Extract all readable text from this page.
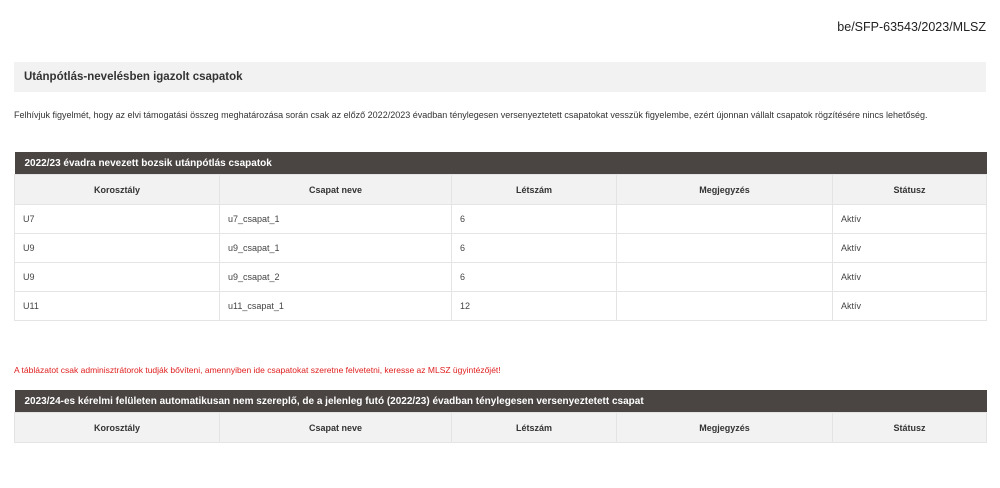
be/SFP-63543/2023/MLSZ
Utánpótlás-nevelésben igazolt csapatok
Felhívjuk figyelmét, hogy az elvi támogatási összeg meghatározása során csak az előző 2022/2023 évadban ténylegesen versenyeztetett csapatokat vesszük figyelembe, ezért újonnan vállalt csapatok rögzítésére nincs lehetőség.
2022/23 évadra nevezett bozsik utánpótlás csapatok				
Korosztály	Csapat neve	Létszám	Megjegyzés	Státusz
U7	u7_csapat_1	6		Aktív
U9	u9_csapat_1	6		Aktív
U9	u9_csapat_2	6		Aktív
U11	u11_csapat_1	12		Aktív
A táblázatot csak adminisztrátorok tudják bővíteni, amennyiben ide csapatokat szeretne felvetetni, keresse az MLSZ ügyintézőjét!
2023/24-es kérelmi felületen automatikusan nem szereplő, de a jelenleg futó (2022/23) évadban ténylegesen versenyeztetett csapat
Korosztály	Csapat neve	Létszám	Megjegyzés	Státusz
